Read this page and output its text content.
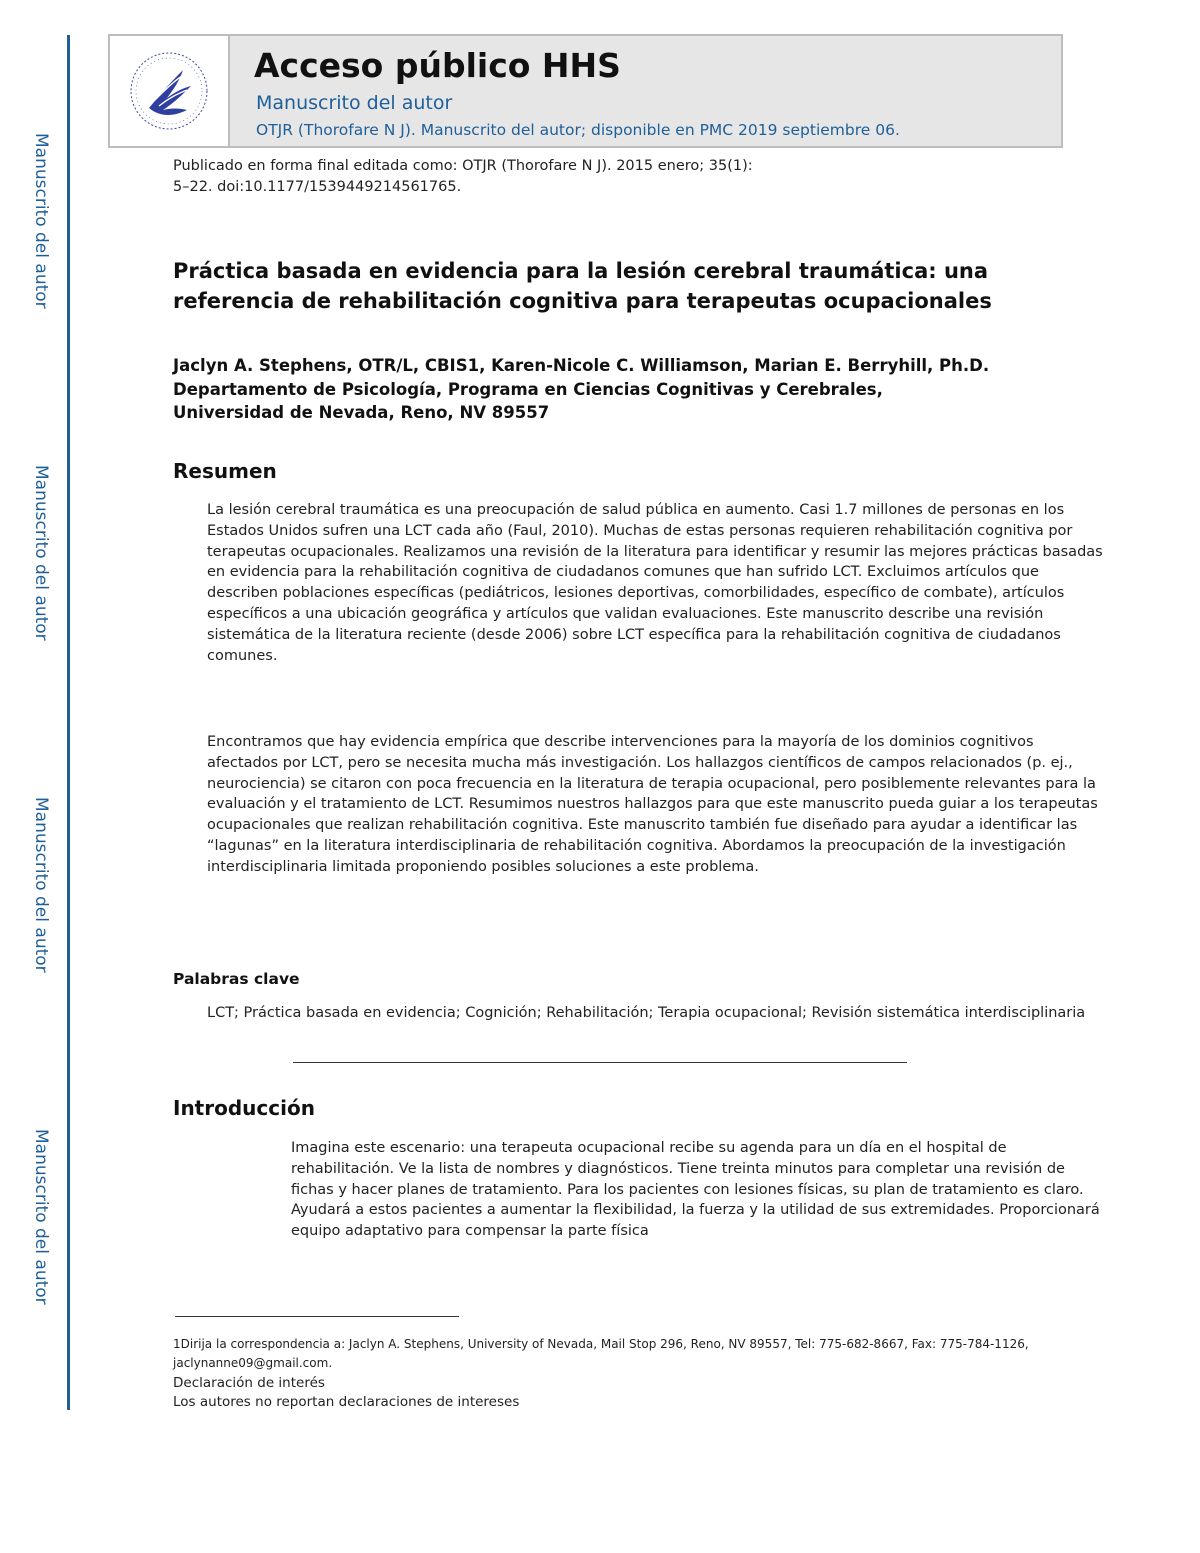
Manuscrito del autor
Manuscrito del autor
Manuscrito del autor
Manuscrito del autor
Acceso público HHS
Manuscrito del autor
OTJR (Thorofare N J). Manuscrito del autor; disponible en PMC 2019 septiembre 06.
Publicado en forma final editada como: OTJR (Thorofare N J). 2015 enero; 35(1):
5–22. doi:10.1177/1539449214561765.
Práctica basada en evidencia para la lesión cerebral traumática: una
referencia de rehabilitación cognitiva para terapeutas ocupacionales
Jaclyn A. Stephens, OTR/L, CBIS1, Karen-Nicole C. Williamson, Marian E. Berryhill, Ph.D.
Departamento de Psicología, Programa en Ciencias Cognitivas y Cerebrales,
Universidad de Nevada, Reno, NV 89557
Resumen
La lesión cerebral traumática es una preocupación de salud pública en aumento. Casi 1.7 millones de personas en los Estados Unidos sufren una LCT cada año (Faul, 2010). Muchas de estas personas requieren rehabilitación cognitiva por terapeutas ocupacionales. Realizamos una revisión de la literatura para identificar y resumir las mejores prácticas basadas en evidencia para la rehabilitación cognitiva de ciudadanos comunes que han sufrido LCT. Excluimos artículos que describen poblaciones específicas (pediátricos, lesiones deportivas, comorbilidades, específico de combate), artículos específicos a una ubicación geográfica y artículos que validan evaluaciones. Este manuscrito describe una revisión sistemática de la literatura reciente (desde 2006) sobre LCT específica para la rehabilitación cognitiva de ciudadanos comunes.
Encontramos que hay evidencia empírica que describe intervenciones para la mayoría de los dominios cognitivos afectados por LCT, pero se necesita mucha más investigación. Los hallazgos científicos de campos relacionados (p. ej., neurociencia) se citaron con poca frecuencia en la literatura de terapia ocupacional, pero posiblemente relevantes para la evaluación y el tratamiento de LCT. Resumimos nuestros hallazgos para que este manuscrito pueda guiar a los terapeutas ocupacionales que realizan rehabilitación cognitiva. Este manuscrito también fue diseñado para ayudar a identificar las “lagunas” en la literatura interdisciplinaria de rehabilitación cognitiva. Abordamos la preocupación de la investigación interdisciplinaria limitada proponiendo posibles soluciones a este problema.
Palabras clave
LCT; Práctica basada en evidencia; Cognición; Rehabilitación; Terapia ocupacional; Revisión sistemática interdisciplinaria
Introducción
Imagina este escenario: una terapeuta ocupacional recibe su agenda para un día en el hospital de rehabilitación. Ve la lista de nombres y diagnósticos. Tiene treinta minutos para completar una revisión de fichas y hacer planes de tratamiento. Para los pacientes con lesiones físicas, su plan de tratamiento es claro. Ayudará a estos pacientes a aumentar la flexibilidad, la fuerza y la utilidad de sus extremidades. Proporcionará equipo adaptativo para compensar la parte física
1Dirija la correspondencia a: Jaclyn A. Stephens, University of Nevada, Mail Stop 296, Reno, NV 89557, Tel: 775-682-8667, Fax: 775-784-1126, jaclynanne09@gmail.com.
Declaración de interés
Los autores no reportan declaraciones de intereses
